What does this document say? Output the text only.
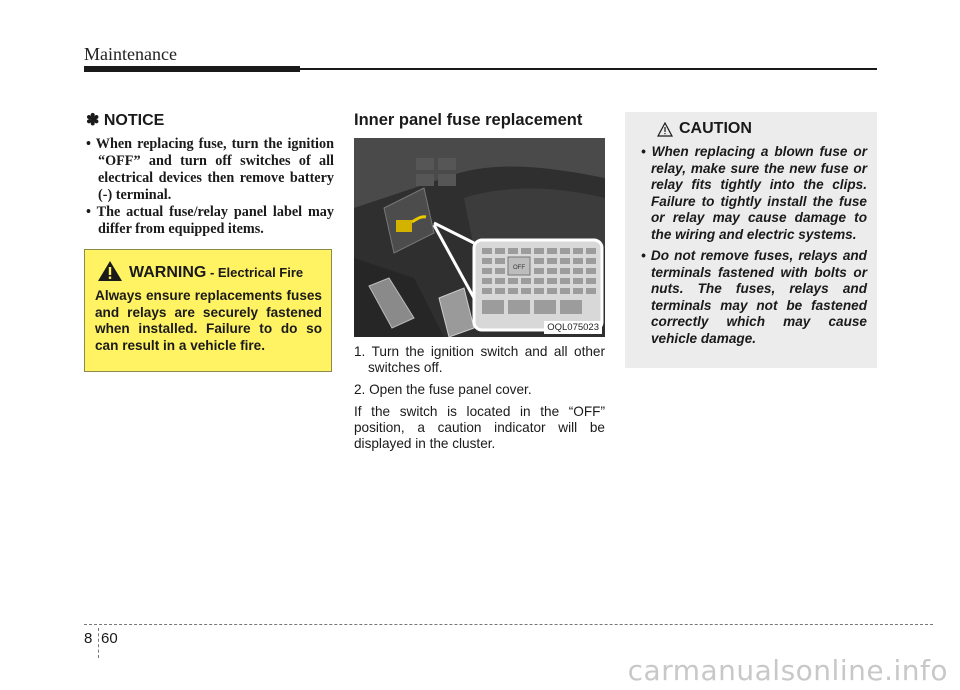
Maintenance
✽ NOTICE
• When replacing fuse, turn the ignition “OFF” and turn off switches of all electrical devices then remove battery (-) terminal.
• The actual fuse/relay panel label may differ from equipped items.
WARNING - Electrical Fire
Always ensure replacements fuses and relays are securely fastened when installed. Failure to do so can result in a vehicle fire.
Inner panel fuse replacement
OFF
OQL075023

1. Turn the ignition switch and all other switches off.

2. Open the fuse panel cover.

If the switch is located in the “OFF” position, a caution indicator will be displayed in the cluster.

CAUTION
• When replacing a blown fuse or relay, make sure the new fuse or relay fits tightly into the clips. Failure to tightly install the fuse or relay may cause damage to the wiring and electric systems.
• Do not remove fuses, relays and terminals fastened with bolts or nuts. The fuses, relays and terminals may not be fastened correctly which may cause vehicle damage.
8 60
carmanualsonline.info
